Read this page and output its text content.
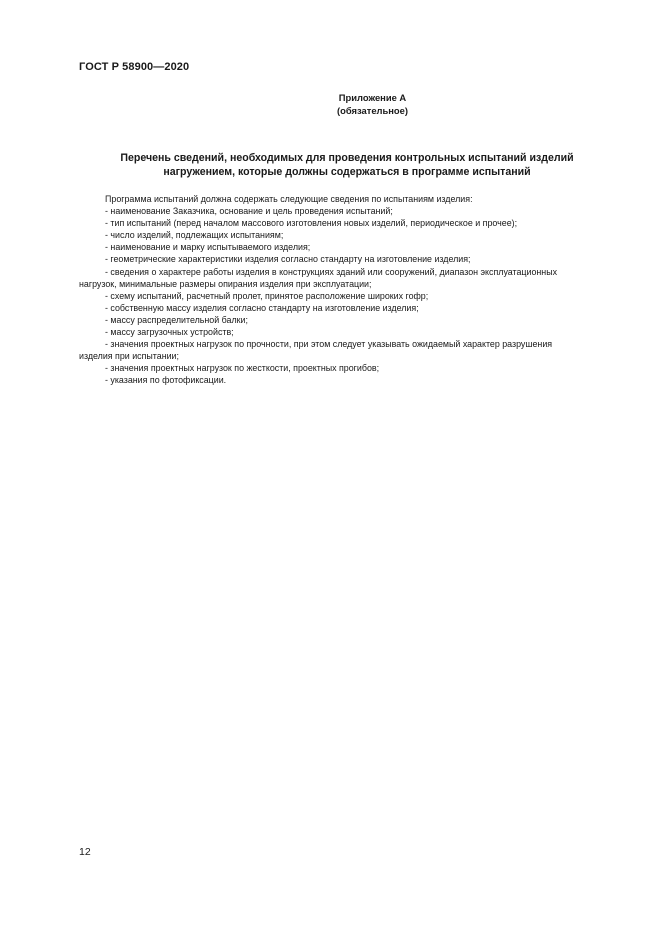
ГОСТ Р 58900—2020
Приложение А
(обязательное)
Перечень сведений, необходимых для проведения контрольных испытаний изделий
нагружением, которые должны содержаться в программе испытаний

Программа испытаний должна содержать следующие сведения по испытаниям изделия:

- наименование Заказчика, основание и цель проведения испытаний;
- тип испытаний (перед началом массового изготовления новых изделий, периодическое и прочее);
- число изделий, подлежащих испытаниям;
- наименование и марку испытываемого изделия;
- геометрические характеристики изделия согласно стандарту на изготовление изделия;
- сведения о характере работы изделия в конструкциях зданий или сооружений, диапазон эксплуатационных
нагрузок, минимальные размеры опирания изделия при эксплуатации;
- схему испытаний, расчетный пролет, принятое расположение широких гофр;
- собственную массу изделия согласно стандарту на изготовление изделия;
- массу распределительной балки;
- массу загрузочных устройств;
- значения проектных нагрузок по прочности, при этом следует указывать ожидаемый характер разрушения
изделия при испытании;
- значения проектных нагрузок по жесткости, проектных прогибов;
- указания по фотофиксации.
12
